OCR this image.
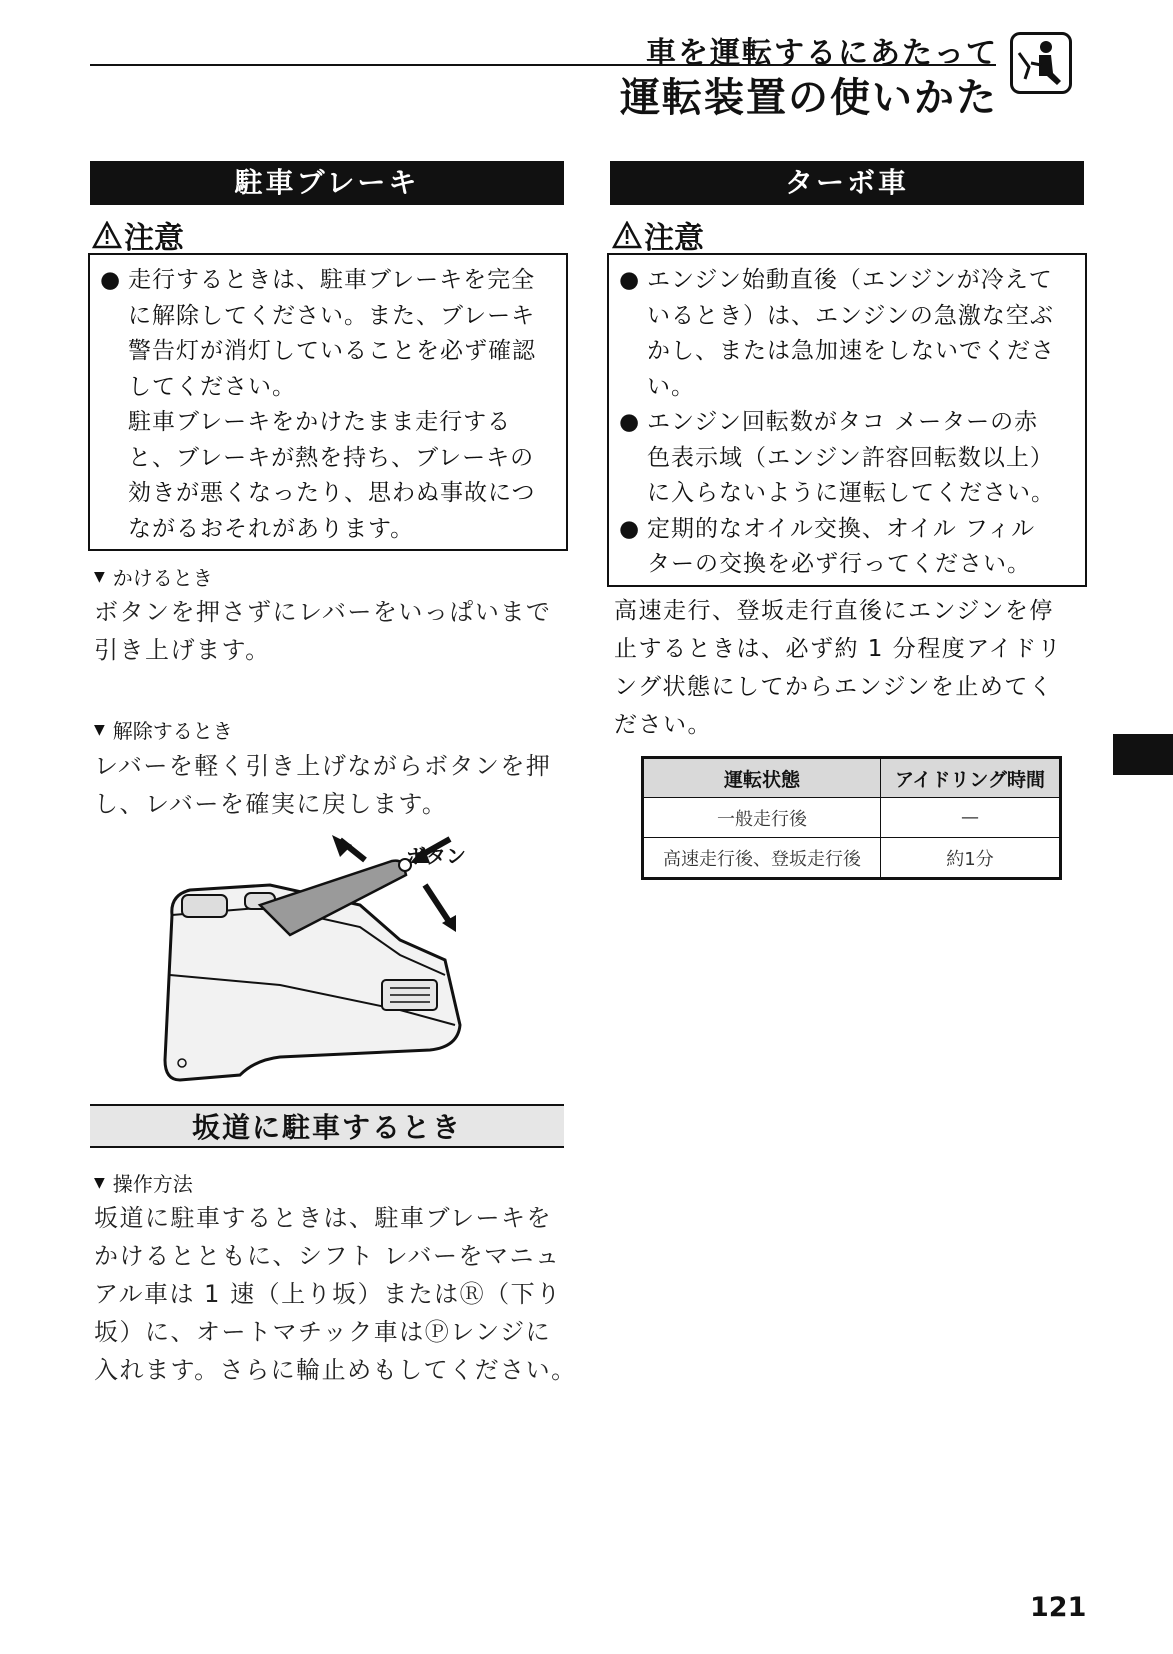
車を運転するにあたって
運転装置の使いかた
駐車ブレーキ
注意
● 走行するときは、駐車ブレーキを完全
に解除してください。また、ブレーキ
警告灯が消灯していることを必ず確認
してください。
駐車ブレーキをかけたまま走行する
と、ブレーキが熱を持ち、ブレーキの
効きが悪くなったり、思わぬ事故につ
ながるおそれがあります。
▼ かけるとき
ボタンを押さずにレバーをいっぱいまで
引き上げます。
▼ 解除するとき
レバーを軽く引き上げながらボタンを押
し、レバーを確実に戻します。
ボタン
坂道に駐車するとき
▼ 操作方法
坂道に駐車するときは、駐車ブレーキを
かけるとともに、シフト レバーをマニュ
アル車は 1 速（上り坂）またはⓇ（下り
坂）に、オートマチック車はⓅレンジに
入れます。さらに輪止めもしてください。
ターボ車
注意
● エンジン始動直後（エンジンが冷えて
いるとき）は、エンジンの急激な空ぶ
かし、または急加速をしないでくださ
い。
● エンジン回転数がタコ メーターの赤
色表示域（エンジン許容回転数以上）
に入らないように運転してください。
● 定期的なオイル交換、オイル フィル
ターの交換を必ず行ってください。
高速走行、登坂走行直後にエンジンを停
止するときは、必ず約 1 分程度アイドリ
ング状態にしてからエンジンを止めてく
ださい。
運転状態	アイドリング時間
一般走行後	—
高速走行後、登坂走行後	約1分
121
